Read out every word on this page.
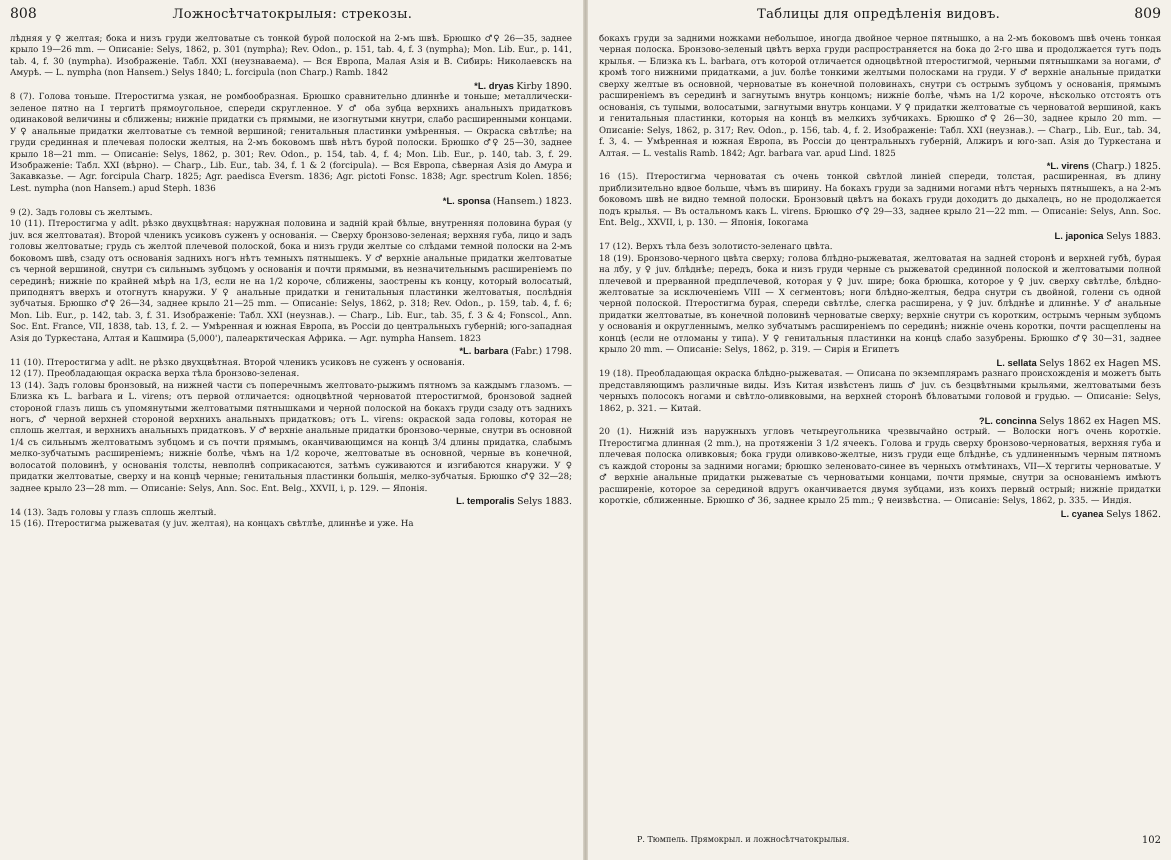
808	Ложносѣтчатокрылыя: стрекозы.

лѣдняя у ♀ желтая; бока и низъ груди желтоватые съ тонкой бурой полоской на 2-мъ швѣ. Брюшко ♂♀ 26—35, заднее крыло 19—26 mm. — Описаніе: Selys, 1862, p. 301 (nympha); Rev. Odon., p. 151, tab. 4, f. 3 (nympha); Mon. Lib. Eur., p. 141, tab. 4, f. 30 (nympha). Изображеніе. Табл. XXI (неузнаваема). — Вся Европа, Малая Азія и В. Сибирь: Николаевскъ на Амурѣ. — L. nympha (non Hansem.) Selys 1840; L. forcipula (non Charp.) Ramb. 1842

*L. dryas Kirby 1890.

8 (7). Голова тоньше. Птеростигма узкая, не ромбообразная. Брюшко сравнительно длиннѣе и тоньше; металлически-зеленое пятно на I тергитѣ прямоугольное, спереди скругленное. У ♂ оба зубца верхнихъ анальныхъ придатковъ одинаковой величины и сближены; нижніе придатки съ прямыми, не изогнутыми кнутри, слабо расширенными концами. У ♀ анальные придатки желтоватые съ темной вершиной; генитальныя пластинки умѣренныя. — Окраска свѣтлѣе; на груди срединная и плечевая полоски желтыя, на 2-мъ боковомъ швѣ нѣтъ бурой полоски. Брюшко ♂♀ 25—30, заднее крыло 18—21 mm. — Описаніе: Selys, 1862, p. 301; Rev. Odon., p. 154, tab. 4, f. 4; Mon. Lib. Eur., p. 140, tab. 3, f. 29. Изображеніе: Табл. XXI (вѣрно). — Charp., Lib. Eur., tab. 34, f. 1 & 2 (forcipula). — Вся Европа, сѣверная Азія до Амура и Закавказье. — Agr. forcipula Charp. 1825; Agr. paedisca Eversm. 1836; Agr. pictoti Fonsc. 1838; Agr. spectrum Kolen. 1856; Lest. nympha (non Hansem.) apud Steph. 1836

*L. sponsa (Hansem.) 1823.

9 (2). Задъ головы съ желтымъ.

10 (11). Птеростигма у adlt. рѣзко двухцвѣтная: наружная половина и задній край бѣлые, внутренняя половина бурая (у juv. вся желтоватая). Второй члeникъ усиковъ суженъ у основанія. — Сверху бронзово-зеленая; верхняя губа, лицо и задъ головы желтоватые; грудь съ желтой плечевой полоской, бока и низъ груди желтые со слѣдами темной полоски на 2-мъ боковомъ швѣ, сзаду отъ основанія заднихъ ногъ нѣтъ темныхъ пятнышекъ. У ♂ верхніе анальные придатки желтоватые съ черной вершиной, снутри съ сильнымъ зубцомъ у основанія и почти прямыми, въ незначительнымъ расширеніемъ по серединѣ; нижніе по крайней мѣрѣ на 1/3, если не на 1/2 короче, сближены, заострены къ концу, который волосатый, приподнятъ вверхъ и отогнутъ кнаружи. У ♀ анальные придатки и генитальныя пластинки желтоватыя, послѣднія зубчатыя. Брюшко ♂♀ 26—34, заднее крыло 21—25 mm. — Описаніе: Selys, 1862, p. 318; Rev. Odon., p. 159, tab. 4, f. 6; Mon. Lib. Eur., p. 142, tab. 3, f. 31. Изображеніе: Табл. XXI (неузнав.). — Charp., Lib. Eur., tab. 35, f. 3 & 4; Fonscol., Ann. Soc. Ent. France, VII, 1838, tab. 13, f. 2. — Умѣренная и южная Европа, въ Россіи до центральныхъ губерній; юго-западная Азія до Туркестана, Алтая и Кашмира (5,000'), палеарктическая Африка. — Agr. nympha Hansem. 1823

*L. barbara (Fabr.) 1798.

11 (10). Птеростигма у adlt. не рѣзко двухцвѣтная. Второй членикъ усиковъ не суженъ у основанія.

12 (17). Преобладающая окраска верха тѣла бронзово-зеленая.

13 (14). Задъ головы бронзовый, на нижней части съ поперечнымъ желтовато-рыжимъ пятномъ за каждымъ глазомъ. — Близка къ L. barbara и L. virens; отъ первой отличается: одноцвѣтной черноватой птеростигмой, бронзовой задней стороной глазъ лишь съ упомянутыми желтоватыми пятнышками и черной полоской на бокахъ груди сзаду отъ заднихъ ногъ, ♂ черной верхней стороной верхнихъ анальныхъ придатковъ; отъ L. virens: окраской зада головы, которая не сплошь желтая, и верхнихъ анальныхъ придатковъ. У ♂ верхніе анальные придатки бронзово-черные, снутри въ основной 1/4 съ сильнымъ желтоватымъ зубцомъ и съ почти прямымъ, оканчивающимся на концѣ 3/4 длины придатка, слабымъ мелко-зубчатымъ расширеніемъ; нижніе болѣе, чѣмъ на 1/2 короче, желтоватые въ основной, черные въ конечной, волосатой половинѣ, у основанія толсты, невполнѣ соприкасаются, затѣмъ суживаются и изгибаются кнаружи. У ♀ придатки желтоватые, сверху и на концѣ черные; генитальныя пластинки большія, мелко-зубчатыя. Брюшко ♂♀ 32—28; заднее крыло 23—28 mm. — Описаніе: Selys, Ann. Soc. Ent. Belg., XXVII, i, p. 129. — Японія.

L. temporalis Selys 1883.

14 (13). Задъ головы у глазъ сплошь желтый.

15 (16). Птеростигма рыжеватая (у juv. желтая), на концахъ свѣтлѣе, длиннѣе и уже. На

Таблицы для опредѣленія видовъ.	809

бокахъ груди за задними ножками небольшое, иногда двойное черное пятнышко, а на 2-мъ боковомъ швѣ очень тонкая черная полоска. Бронзово-зеленый цвѣтъ верха груди распространяется на бока до 2-го шва и продолжается тутъ подъ крылья. — Близка къ L. barbara, отъ которой отличается одноцвѣтной птеростигмой, черными пятнышками за ногами, ♂ кромѣ того нижними придатками, а juv. болѣе тонкими желтыми полосками на груди. У ♂ верхніе анальные придатки сверху желтые въ основной, черноватые въ конечной половинахъ, снутри съ острымъ зубцомъ у основанія, прямымъ расширеніемъ въ серединѣ и загнутымъ внутрь концомъ; нижніе болѣе, чѣмъ на 1/2 короче, нѣсколько отстоятъ отъ основанія, съ тупыми, волосатыми, загнутыми внутрь концами. У ♀ придатки желтоватые съ черноватой вершиной, какъ и генитальныя пластинки, которыя на концѣ въ мелкихъ зубчикахъ. Брюшко ♂♀ 26—30, заднее крыло 20 mm. — Описаніе: Selys, 1862, p. 317; Rev. Odon., p. 156, tab. 4, f. 2. Изображеніе: Табл. XXI (неузнав.). — Charp., Lib. Eur., tab. 34, f. 3, 4. — Умѣренная и южная Европа, въ Россіи до центральныхъ губерній, Алжиръ и юго-зап. Азія до Туркестана и Алтая. — L. vestalis Ramb. 1842; Agr. barbara var. apud Lind. 1825

*L. virens (Charp.) 1825.

16 (15). Птеростигма черноватая съ очень тонкой свѣтлой линіей спереди, толстая, расширенная, въ длину приблизительно вдвое больше, чѣмъ въ ширину. На бокахъ груди за задними ногами нѣтъ черныхъ пятнышекъ, а на 2-мъ боковомъ швѣ не видно темной полоски. Бронзовый цвѣтъ на бокахъ груди доходитъ до дыхалецъ, но не продолжается подъ крылья. — Въ остальномъ какъ L. virens. Брюшко ♂♀ 29—33, заднее крыло 21—22 mm. — Описаніе: Selys, Ann. Soc. Ent. Belg., XXVII, i, p. 130. — Японія, Іокогама

L. japonica Selys 1883.

17 (12). Верхъ тѣла безъ золотисто-зеленаго цвѣта.

18 (19). Бронзово-черного цвѣта сверху; голова блѣдно-рыжеватая, желтоватая на задней сторонѣ и верхней губѣ, бурая на лбу, у ♀ juv. блѣднѣе; передъ, бока и низъ груди черные съ рыжеватой срединной полоской и желтоватыми полной плечевой и прерванной предплечевой, которая у ♀ juv. шире; бока брюшка, которое у ♀ juv. сверху свѣтлѣе, блѣдно-желтоватые за исключеніемъ VIII — X сегментовъ; ноги блѣдно-желтыя, бедра снутри съ двойной, голени съ одной черной полоской. Птеростигма бурая, спереди свѣтлѣе, слегка расширена, у ♀ juv. блѣднѣе и длиннѣе. У ♂ анальные придатки желтоватые, въ конечной половинѣ черноватые сверху; верхніе снутри съ коротким, острымъ черным зубцомъ у основанія и округленнымъ, мелко зубчатымъ расширеніемъ по серединѣ; нижніе очень коротки, почти расщеплены на концѣ (если не отломаны у типа). У ♀ генитальныя пластинки на концѣ слабо зазубрены. Брюшко ♂♀ 30—31, заднее крыло 20 mm. — Описаніе: Selys, 1862, p. 319. — Сирія и Египетъ

L. sellata Selys 1862 ex Hagen MS.

19 (18). Преобладающая окраска блѣдно-рыжеватая. — Описана по экземплярамъ разнаго происхожденія и можетъ быть представляющимъ различные виды. Изъ Китая извѣстенъ лишь ♂ juv. съ безцвѣтными крыльями, желтоватыми безъ черныхъ полосокъ ногами и свѣтло-оливковыми, на верхней сторонѣ бѣловатыми головой и грудью. — Описаніе: Selys, 1862, p. 321. — Китай.

?L. concinna Selys 1862 ex Hagen MS.

20 (1). Нижній изъ наружныхъ угловъ четыреугольника чрезвычайно острый. — Волоски ногъ очень короткіе. Птеростигма длинная (2 mm.), на протяженіи 3 1/2 ячеекъ. Голова и грудь сверху бронзово-черноватыя, верхняя губа и плечевая полоска оливковыя; бока груди оливково-желтые, низъ груди еще блѣднѣе, съ удлиненнымъ черным пятномъ съ каждой стороны за задними ногами; брюшко зеленовато-синее въ черныхъ отмѣтинахъ, VII—X тергиты черноватые. У ♂ верхніе анальные придатки рыжеватые съ черноватыми концами, почти прямые, снутри за основаніемъ имѣютъ расширеніе, которое за серединой вдругъ оканчивается двумя зубцами, изъ коихъ первый острый; нижніе придатки короткіе, сближенные. Брюшко ♂ 36, заднее крыло 25 mm.; ♀ неизвѣстна. — Описаніе: Selys, 1862, p. 335. — Индія.

L. cyanea Selys 1862.
Р. Тюмпель. Прямокрыл. и ложносѣтчатокрылыя.	102
